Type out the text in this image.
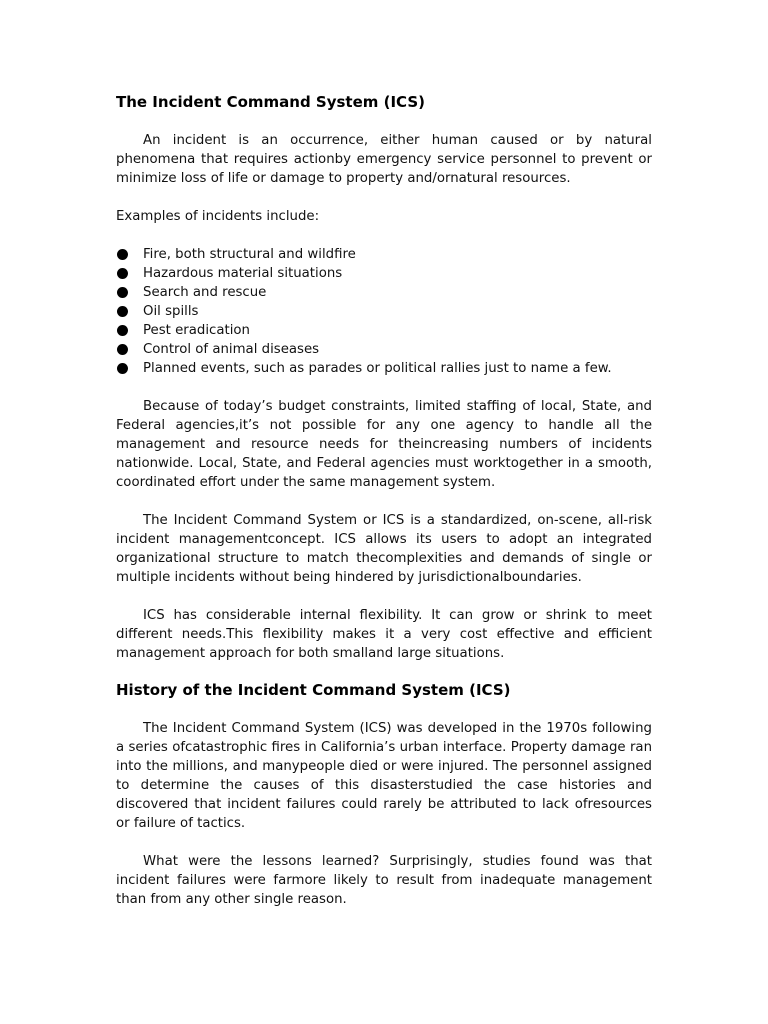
The Incident Command System (ICS)

An incident is an occurrence, either human caused or by natural phenomena that requires actionby emergency service personnel to prevent or minimize loss of life or damage to property and/ornatural resources.

Examples of incidents include:

Fire, both structural and wildfire
Hazardous material situations
Search and rescue
Oil spills
Pest eradication
Control of animal diseases
Planned events, such as parades or political rallies just to name a few.

Because of today’s budget constraints, limited staffing of local, State, and Federal agencies,it’s not possible for any one agency to handle all the management and resource needs for theincreasing numbers of incidents nationwide. Local, State, and Federal agencies must worktogether in a smooth, coordinated effort under the same management system.

The Incident Command System or ICS is a standardized, on-scene, all-risk incident managementconcept. ICS allows its users to adopt an integrated organizational structure to match thecomplexities and demands of single or multiple incidents without being hindered by jurisdictionalboundaries.

ICS has considerable internal flexibility. It can grow or shrink to meet different needs.This flexibility makes it a very cost effective and efficient management approach for both smalland large situations.

History of the Incident Command System (ICS)

The Incident Command System (ICS) was developed in the 1970s following a series ofcatastrophic fires in California’s urban interface. Property damage ran into the millions, and manypeople died or were injured. The personnel assigned to determine the causes of this disasterstudied the case histories and discovered that incident failures could rarely be attributed to lack ofresources or failure of tactics.

What were the lessons learned? Surprisingly, studies found was that incident failures were farmore likely to result from inadequate management than from any other single reason.
